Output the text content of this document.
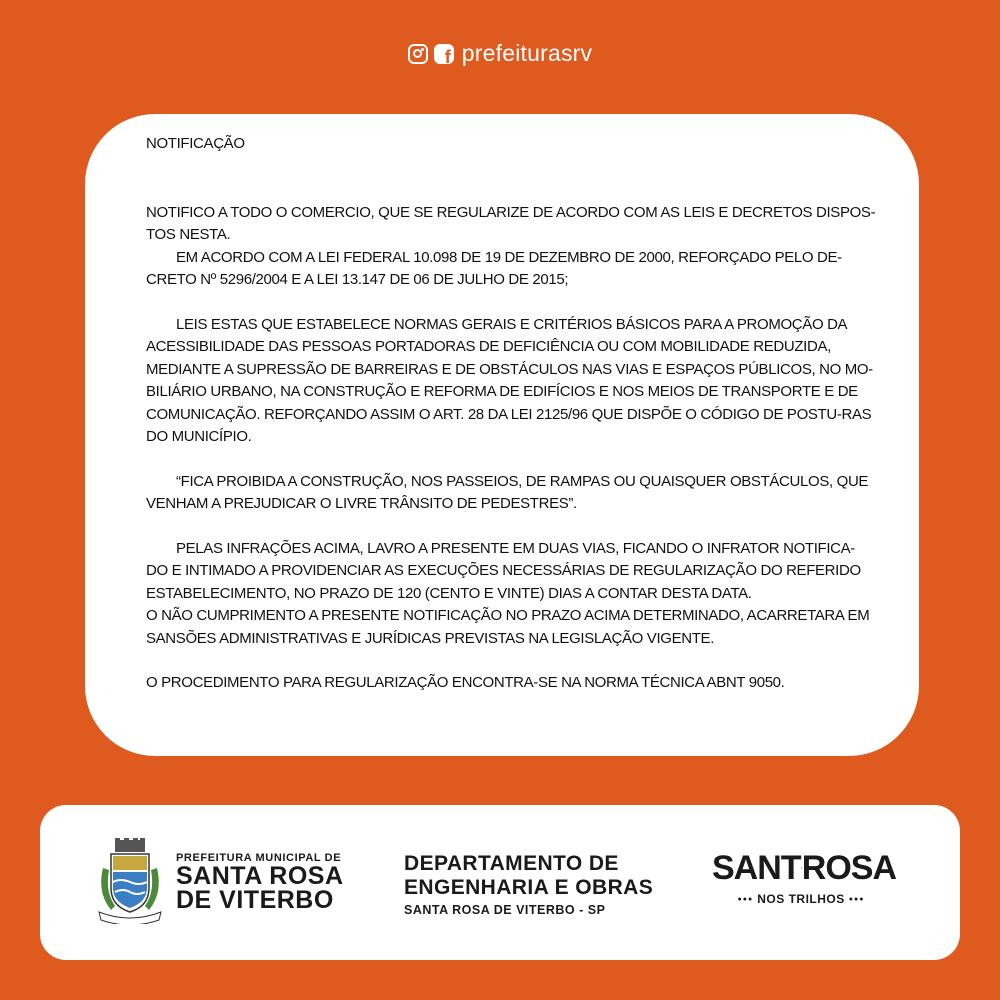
f prefeiturasrv

NOTIFICAÇÃO

NOTIFICO A TODO O COMERCIO, QUE SE REGULARIZE DE ACORDO COM AS LEIS E DECRETOS DISPOS-TOS NESTA.

EM ACORDO COM A LEI FEDERAL 10.098 DE 19 DE DEZEMBRO DE 2000, REFORÇADO PELO DE-CRETO Nº 5296/2004 E A LEI 13.147 DE 06 DE JULHO DE 2015;

LEIS ESTAS QUE ESTABELECE NORMAS GERAIS E CRITÉRIOS BÁSICOS PARA A PROMOÇÃO DA ACESSIBILIDADE DAS PESSOAS PORTADORAS DE DEFICIÊNCIA OU COM MOBILIDADE REDUZIDA, MEDIANTE A SUPRESSÃO DE BARREIRAS E DE OBSTÁCULOS NAS VIAS E ESPAÇOS PÚBLICOS, NO MO-BILIÁRIO URBANO, NA CONSTRUÇÃO E REFORMA DE EDIFÍCIOS E NOS MEIOS DE TRANSPORTE E DE COMUNICAÇÃO. REFORÇANDO ASSIM O ART. 28 DA LEI 2125/96 QUE DISPÕE O CÓDIGO DE POSTU-RAS DO MUNICÍPIO.

“FICA PROIBIDA A CONSTRUÇÃO, NOS PASSEIOS, DE RAMPAS OU QUAISQUER OBSTÁCULOS, QUE VENHAM A PREJUDICAR O LIVRE TRÂNSITO DE PEDESTRES”.

PELAS INFRAÇÕES ACIMA, LAVRO A PRESENTE EM DUAS VIAS, FICANDO O INFRATOR NOTIFICA-DO E INTIMADO A PROVIDENCIAR AS EXECUÇÕES NECESSÁRIAS DE REGULARIZAÇÃO DO REFERIDO ESTABELECIMENTO, NO PRAZO DE 120 (CENTO E VINTE) DIAS A CONTAR DESTA DATA.

O NÃO CUMPRIMENTO A PRESENTE NOTIFICAÇÃO NO PRAZO ACIMA DETERMINADO, ACARRETARA EM SANSÕES ADMINISTRATIVAS E JURÍDICAS PREVISTAS NA LEGISLAÇÃO VIGENTE.

O PROCEDIMENTO PARA REGULARIZAÇÃO ENCONTRA-SE NA NORMA TÉCNICA ABNT 9050.

PREFEITURA MUNICIPAL DE
SANTA ROSA
DE VITERBO
DEPARTAMENTO DE
ENGENHARIA E OBRAS
SANTA ROSA DE VITERBO - SP
SANT ROSA
●●● NOS TRILHOS ●●●
